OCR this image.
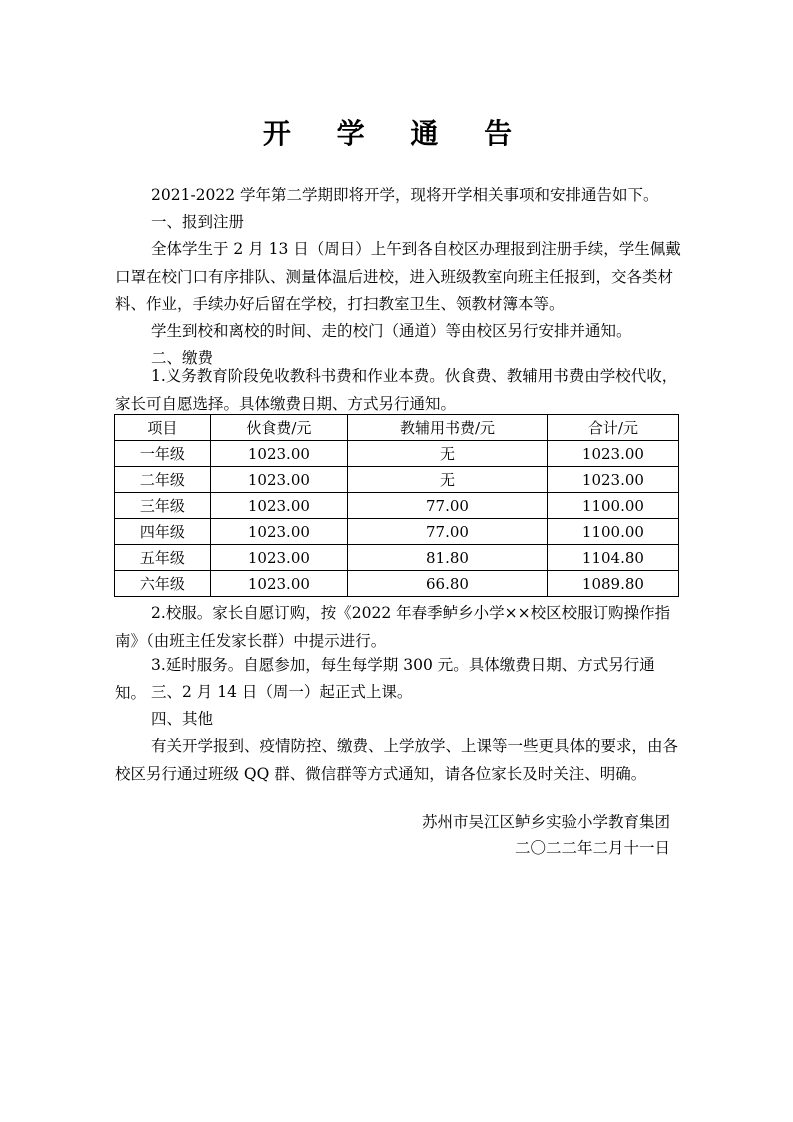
开 学 通 告
2021-2022 学年第二学期即将开学，现将开学相关事项和安排通告如下。
一、报到注册
全体学生于 2 月 13 日（周日）上午到各自校区办理报到注册手续，学生佩戴口罩在校门口有序排队、测量体温后进校，进入班级教室向班主任报到，交各类材料、作业，手续办好后留在学校，打扫教室卫生、领教材簿本等。
学生到校和离校的时间、走的校门（通道）等由校区另行安排并通知。
二、缴费
1.义务教育阶段免收教科书费和作业本费。伙食费、教辅用书费由学校代收，家长可自愿选择。具体缴费日期、方式另行通知。
项目	伙食费/元	教辅用书费/元	合计/元
一年级	1023.00	无	1023.00
二年级	1023.00	无	1023.00
三年级	1023.00	77.00	1100.00
四年级	1023.00	77.00	1100.00
五年级	1023.00	81.80	1104.80
六年级	1023.00	66.80	1089.80
2.校服。家长自愿订购，按《2022 年春季鲈乡小学××校区校服订购操作指南》（由班主任发家长群）中提示进行。
3.延时服务。自愿参加，每生每学期 300 元。具体缴费日期、方式另行通知。 三、2 月 14 日（周一）起正式上课。
四、其他
有关开学报到、疫情防控、缴费、上学放学、上课等一些更具体的要求，由各校区另行通过班级 QQ 群、微信群等方式通知，请各位家长及时关注、明确。
苏州市吴江区鲈乡实验小学教育集团
二〇二二年二月十一日
